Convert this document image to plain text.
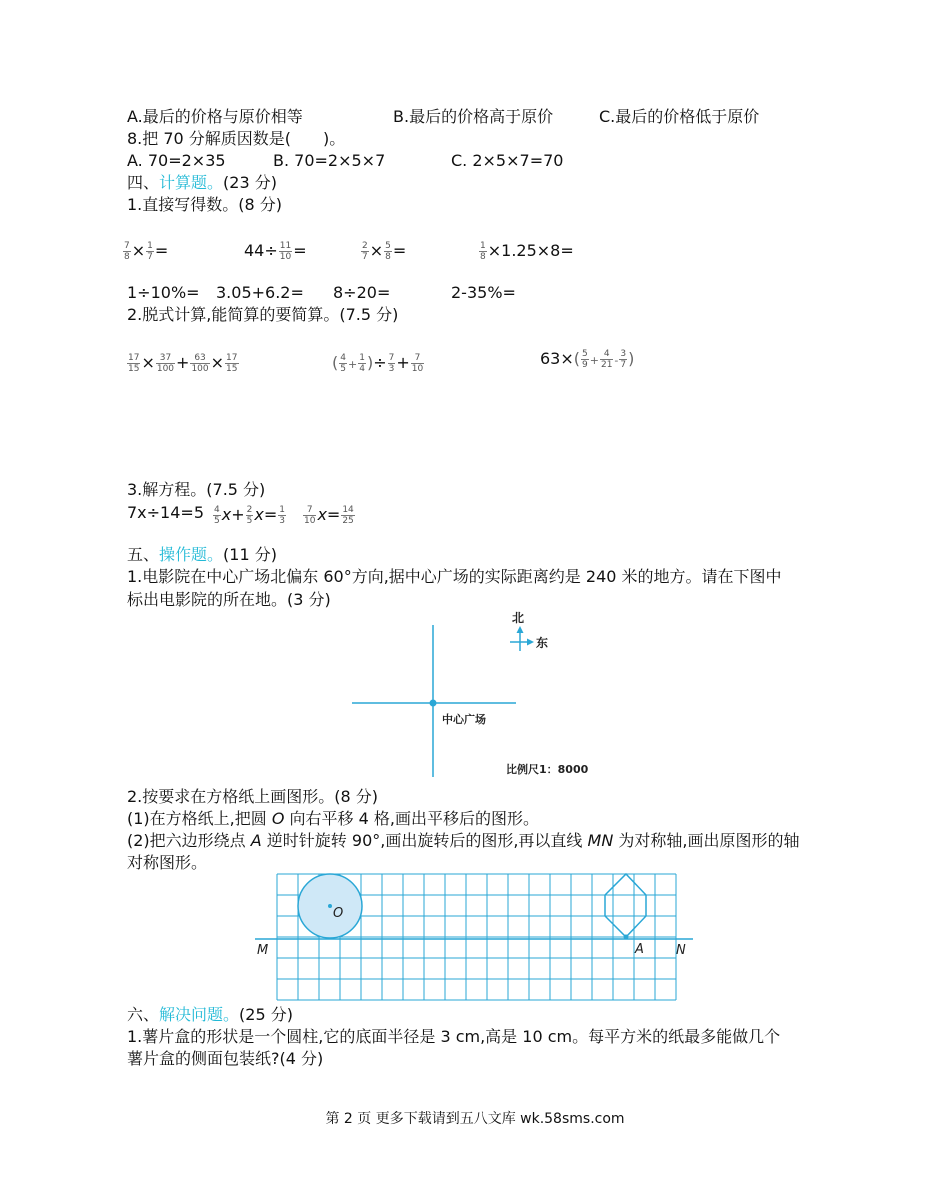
A.最后的价格与原价相等	B.最后的价格高于原价	C.最后的价格低于原价
8.把 70 分解质因数是(　　)。
A. 70=2×35	B. 70=2×5×7	C. 2×5×7=70
四、计算题。(23 分)
1.直接写得数。(8 分)
$\frac{7}{8} \times \frac{1}{7}$ =	$44\div \frac{11}{10}$ =	$\frac{2}{7} \times \frac{5}{8}$ =	$\frac{1}{8} \times 1.25\times 8=$
1÷10%= 3.05+6.2= 8÷20=	2-35%=
2.脱式计算,能简算的要简算。(7.5 分)
$\frac{17}{15} \times \frac{37}{100} + \frac{63}{100} \times \frac{17}{15}$	( $\frac{4}{5} + \frac{1}{4}$ )÷ $\frac{7}{3} + \frac{7}{10}$	$63\times( \frac{5}{9} + \frac{4}{21} - \frac{3}{7}$ )
3.解方程。(7.5 分)
$7x\div 14=5 \frac{4}{5} x+ \frac{2}{5} x= \frac{1}{3} \frac{7}{10} x= \frac{14}{25}$
五、操作题。(11 分)
1.电影院在中心广场北偏东 60°方向,据中心广场的实际距离约是 240 米的地方。请在下图中
标出电影院的所在地。(3 分)
北
东
中心广场
比例尺1：8000
2.按要求在方格纸上画图形。(8 分)
(1)在方格纸上,把圆 O 向右平移 4 格,画出平移后的图形。
(2)把六边形绕点 A 逆时针旋转 90°,画出旋转后的图形,再以直线 MN 为对称轴,画出原图形的轴
对称图形。
O
A
M	N
六、解决问题。(25 分)
1.薯片盒的形状是一个圆柱,它的底面半径是 3 cm,高是 10 cm。每平方米的纸最多能做几个
薯片盒的侧面包装纸?(4 分)
第 2 页 更多下载请到五八文库 wk.58sms.com
